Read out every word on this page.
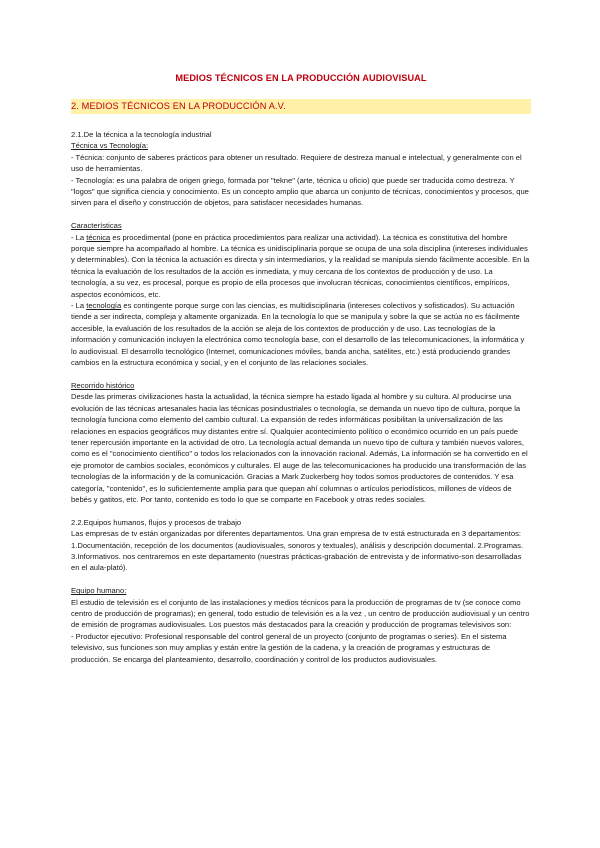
MEDIOS TÉCNICOS EN LA PRODUCCIÓN AUDIOVISUAL
2. MEDIOS TÉCNICOS EN LA PRODUCCIÓN A.V.

2.1.De la técnica a la tecnología industrial

Técnica vs Tecnología:

- Técnica: conjunto de saberes prácticos para obtener un resultado. Requiere de destreza manual e intelectual, y generalmente con el uso de herramientas.

- Tecnología: es una palabra de origen griego, formada por "tekne" (arte, técnica u oficio) que puede ser traducida como destreza. Y "logos" que significa ciencia y conocimiento. Es un concepto amplio que abarca un conjunto de técnicas, conocimientos y procesos, que sirven para el diseño y construcción de objetos, para satisfacer necesidades humanas.

Características

- La técnica es procedimental (pone en práctica procedimientos para realizar una actividad). La técnica es constitutiva del hombre porque siempre ha acompañado al hombre. La técnica es unidisciplinaria porque se ocupa de una sola disciplina (intereses individuales y determinables). Con la técnica la actuación es directa y sin intermediarios, y la realidad se manipula siendo fácilmente accesible. En la técnica la evaluación de los resultados de la acción es inmediata, y muy cercana de los contextos de producción y de uso. La tecnología, a su vez, es procesal, porque es propio de ella procesos que involucran técnicas, conocimientos científicos, empíricos, aspectos económicos, etc.

- La tecnología es contingente porque surge con las ciencias, es multidisciplinaria (intereses colectivos y sofisticados). Su actuación tiende a ser indirecta, compleja y altamente organizada. En la tecnología lo que se manipula y sobre la que se actúa no es fácilmente accesible, la evaluación de los resultados de la acción se aleja de los contextos de producción y de uso. Las tecnologías de la información y comunicación incluyen la electrónica como tecnología base, con el desarrollo de las telecomunicaciones, la informática y lo audiovisual. El desarrollo tecnológico (Internet, comunicaciones móviles, banda ancha, satélites, etc.) está produciendo grandes cambios en la estructura económica y social, y en el conjunto de las relaciones sociales.

Recorrido histórico

Desde las primeras civilizaciones hasta la actualidad, la técnica siempre ha estado ligada al hombre y su cultura. Al producirse una evolución de las técnicas artesanales hacia las técnicas posindustriales o tecnología, se demanda un nuevo tipo de cultura, porque la tecnología funciona como elemento del cambio cultural. La expansión de redes informáticas posibilitan la universalización de las relaciones en espacios geográficos muy distantes entre sí. Qualquier acontecimiento político o económico ocurrido en un país puede tener repercusión importante en la actividad de otro. La tecnología actual demanda un nuevo tipo de cultura y también nuevos valores, como es el "conocimiento científico" o todos los relacionados con la innovación racional. Además, La información se ha convertido en el eje promotor de cambios sociales, económicos y culturales. El auge de las telecomunicaciones ha producido una transformación de las tecnologías de la información y de la comunicación. Gracias a Mark Zuckerberg hoy todos somos productores de contenidos. Y esa categoría, "contenido", es lo suficientemente amplia para que quepan ahí columnas o artículos periodísticos, millones de vídeos de bebés y gatitos, etc. Por tanto, contenido es todo lo que se comparte en Facebook y otras redes sociales.

2.2.Equipos humanos, flujos y procesos de trabajo

Las empresas de tv están organizadas por diferentes departamentos. Una gran empresa de tv está estructurada en 3 departamentos: 1.Documentación, recepción de los documentos (audiovisuales, sonoros y textuales), análisis y descripción documental. 2.Programas. 3.Informativos. nos centraremos en este departamento (nuestras prácticas-grabación de entrevista y de informativo-son desarrolladas en el aula-plató).

Equipo humano:

El estudio de televisión es el conjunto de las instalaciones y medios técnicos para la producción de programas de tv (se conoce como centro de producción de programas); en general, todo estudio de televisión es a la vez , un centro de producción audiovisual y un centro de emisión de programas audiovisuales. Los puestos más destacados para la creación y producción de programas televisivos son:

- Productor ejecutivo: Profesional responsable del control general de un proyecto (conjunto de programas o series). En el sistema televisivo, sus funciones son muy amplias y están entre la gestión de la cadena, y la creación de programas y estructuras de producción. Se encarga del planteamiento, desarrollo, coordinación y control de los productos audiovisuales.
